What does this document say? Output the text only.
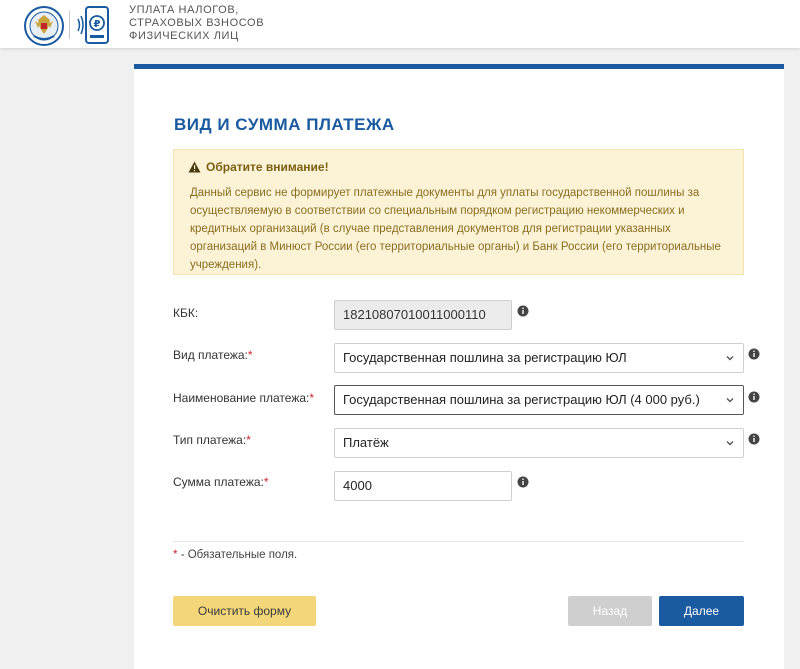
₽
УПЛАТА НАЛОГОВ,
СТРАХОВЫХ ВЗНОСОВ
ФИЗИЧЕСКИХ ЛИЦ
ВИД И СУММА ПЛАТЕЖА
Обратите внимание!
Данный сервис не формирует платежные документы для уплаты государственной пошлины за осуществляемую в соответствии со специальным порядком регистрацию некоммерческих и кредитных организаций (в случае представления документов для регистрации указанных организаций в Минюст России (его территориальные органы) и Банк России (его территориальные учреждения).
КБК:	18210807010011000110
Вид платежа:*	Государственная пошлина за регистрацию ЮЛ
Наименование платежа:*	Государственная пошлина за регистрацию ЮЛ (4 000 руб.)
Тип платежа:*	Платёж
Сумма платежа:*	4000
* - Обязательные поля.
Очистить форму	Назад	Далее
